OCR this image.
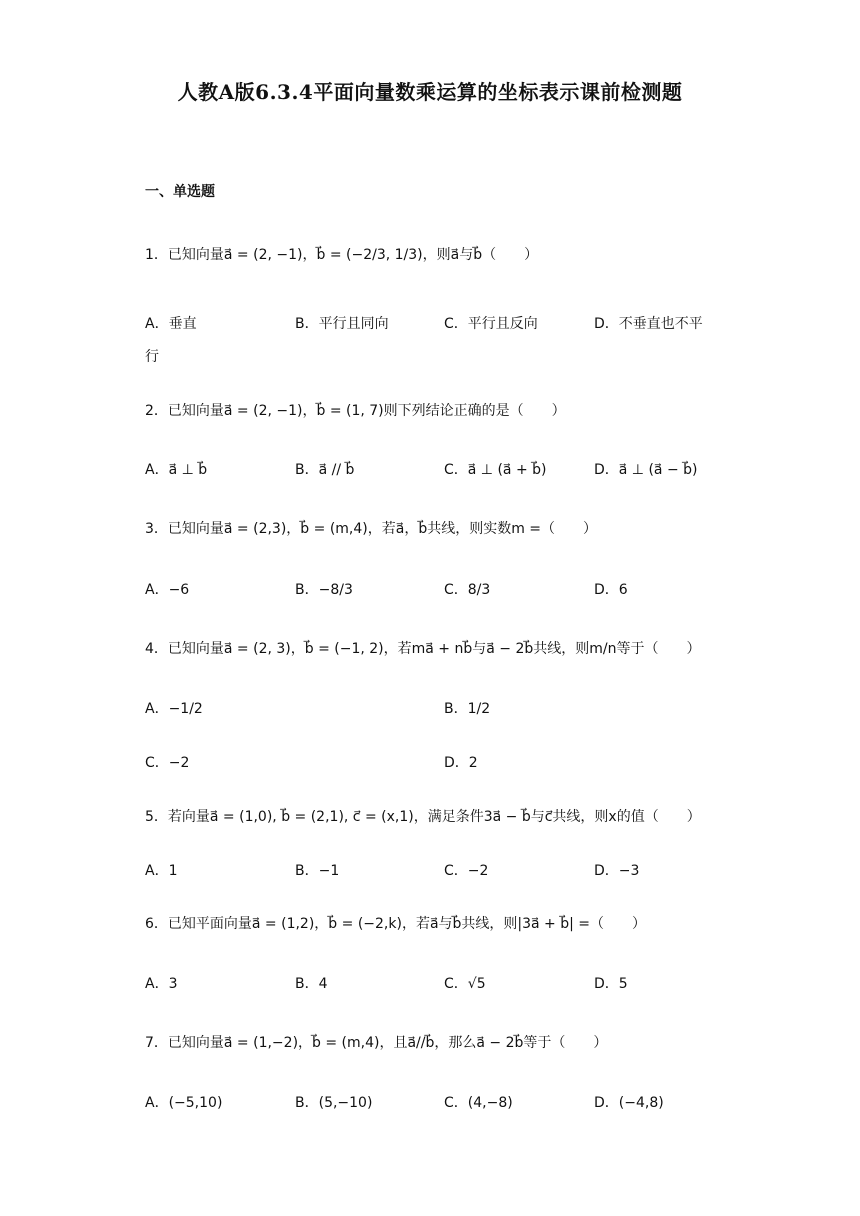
人教A版6.3.4平面向量数乘运算的坐标表示课前检测题
一、单选题
1．已知向量a⃗ = (2, −1)，b⃗ = (−2/3, 1/3)，则a⃗与b⃗（　　）
A．垂直	B．平行且同向	C．平行且反向	D．不垂直也不平
行
2．已知向量a⃗ = (2, −1)，b⃗ = (1, 7)则下列结论正确的是（　　）
A．a⃗ ⊥ b⃗	B．a⃗ // b⃗	C．a⃗ ⊥ (a⃗ + b⃗)	D．a⃗ ⊥ (a⃗ − b⃗)
3．已知向量a⃗ = (2,3)，b⃗ = (m,4)，若a⃗，b⃗共线，则实数m =（　　）
A．−6	B．−8/3	C．8/3	D．6
4．已知向量a⃗ = (2, 3)，b⃗ = (−1, 2)，若ma⃗ + nb⃗与a⃗ − 2b⃗共线，则m/n等于（　　）
A．−1/2	B．1/2
C．−2	D．2
5．若向量a⃗ = (1,0), b⃗ = (2,1), c⃗ = (x,1)，满足条件3a⃗ − b⃗与c⃗共线，则x的值（　　）
A．1	B．−1	C．−2	D．−3
6．已知平面向量a⃗ = (1,2)，b⃗ = (−2,k)，若a⃗与b⃗共线，则|3a⃗ + b⃗| =（　　）
A．3	B．4	C．√5	D．5
7．已知向量a⃗ = (1,−2)，b⃗ = (m,4)，且a⃗//b⃗，那么a⃗ − 2b⃗等于（　　）
A．(−5,10)	B．(5,−10)	C．(4,−8)	D．(−4,8)
